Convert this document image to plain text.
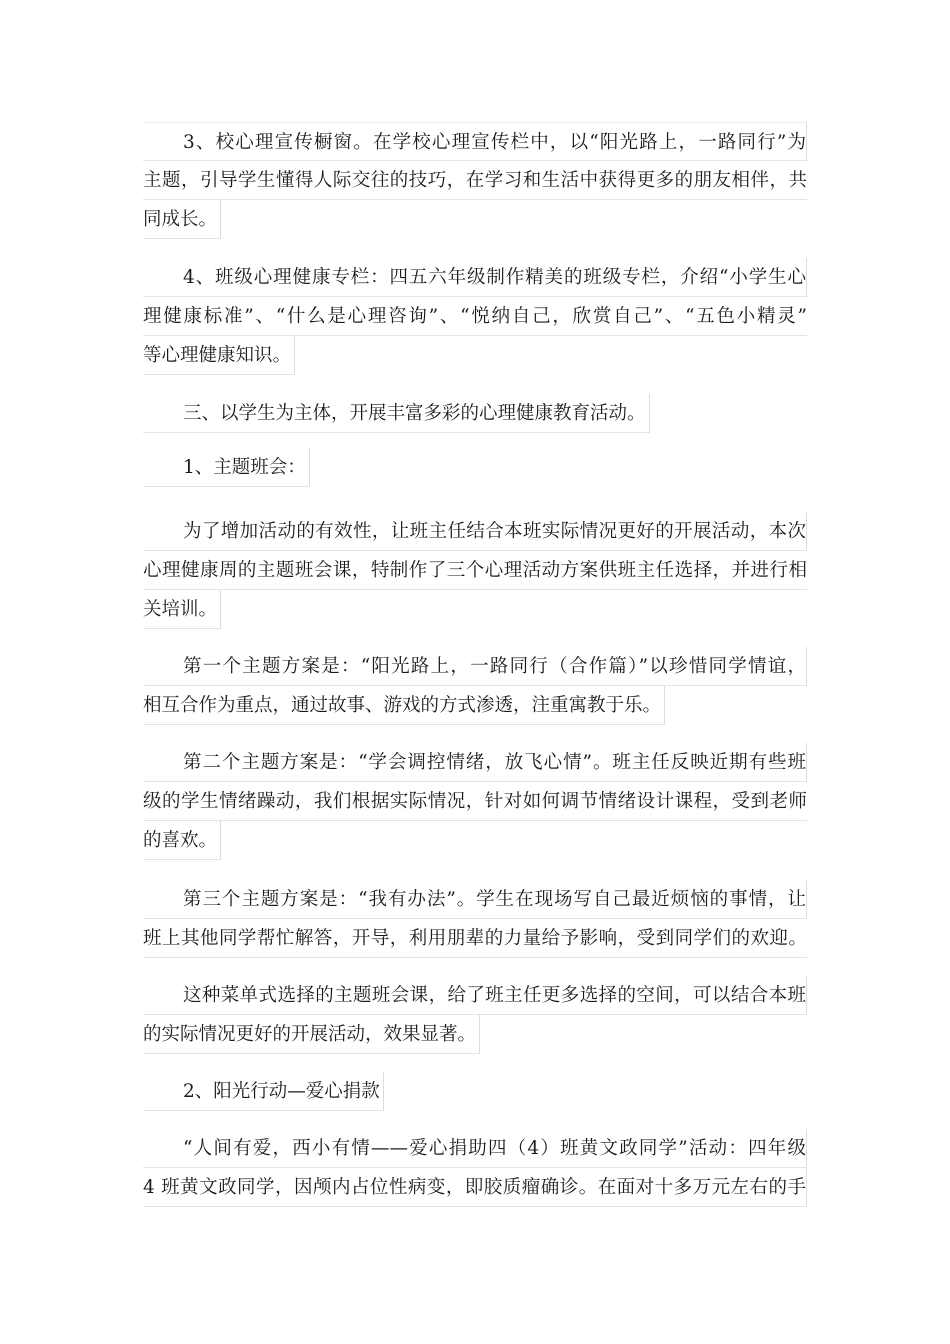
3、校心理宣传橱窗。在学校心理宣传栏中，以“阳光路上，一路同行”为
主题，引导学生懂得人际交往的技巧，在学习和生活中获得更多的朋友相伴，共
同成长。
4、班级心理健康专栏：四五六年级制作精美的班级专栏，介绍“小学生心
理健康标准”、“什么是心理咨询”、“悦纳自己，欣赏自己”、“五色小精灵”
等心理健康知识。
三、以学生为主体，开展丰富多彩的心理健康教育活动。
1、主题班会：
为了增加活动的有效性，让班主任结合本班实际情况更好的开展活动，本次
心理健康周的主题班会课，特制作了三个心理活动方案供班主任选择，并进行相
关培训。
第一个主题方案是：“阳光路上，一路同行（合作篇）”以珍惜同学情谊，
相互合作为重点，通过故事、游戏的方式渗透，注重寓教于乐。
第二个主题方案是：“学会调控情绪，放飞心情”。班主任反映近期有些班
级的学生情绪躁动，我们根据实际情况，针对如何调节情绪设计课程，受到老师
的喜欢。
第三个主题方案是：“我有办法”。学生在现场写自己最近烦恼的事情，让
班上其他同学帮忙解答，开导，利用朋辈的力量给予影响，受到同学们的欢迎。
这种菜单式选择的主题班会课，给了班主任更多选择的空间，可以结合本班
的实际情况更好的开展活动，效果显著。
2、阳光行动—爱心捐款
“人间有爱，西小有情——爱心捐助四（4）班黄文政同学”活动：四年级
4 班黄文政同学，因颅内占位性病变，即胶质瘤确诊。在面对十多万元左右的手
